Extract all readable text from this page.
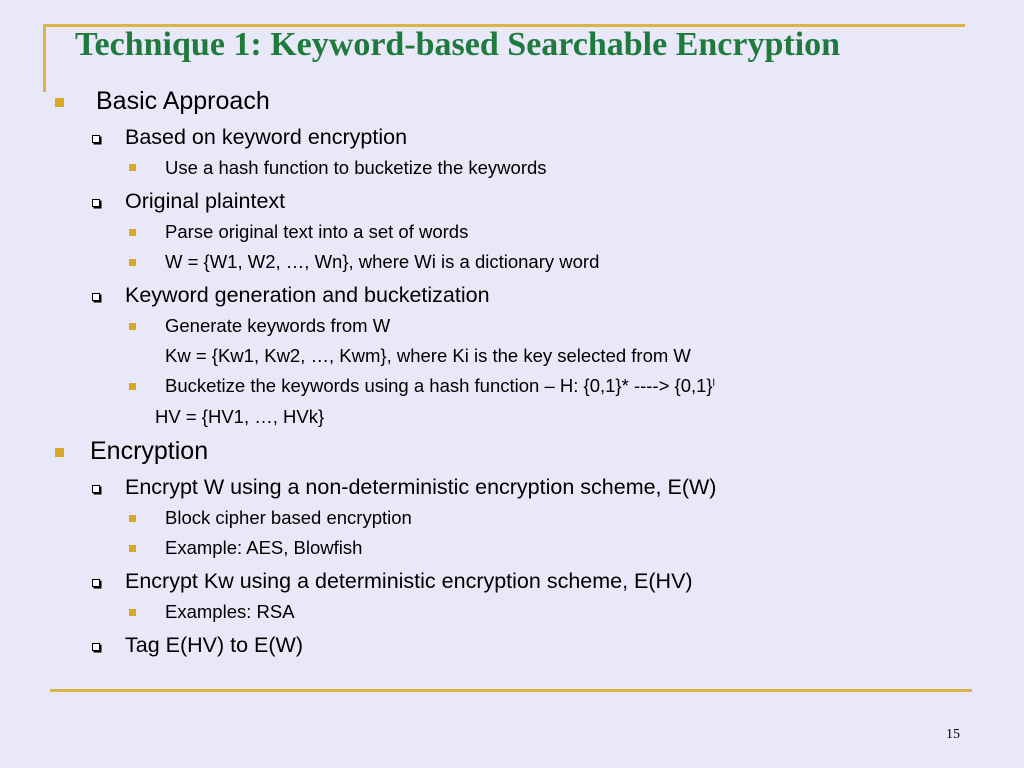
Technique 1: Keyword-based Searchable Encryption
Basic Approach
Based on keyword encryption
Use a hash function to bucketize the keywords
Original plaintext
Parse original text into a set of words
W = {W1, W2, …, Wn}, where Wi is a dictionary word
Keyword generation and bucketization
Generate keywords from W
Kw = {Kw1, Kw2, …, Kwm}, where Ki is the key selected from W
Bucketize the keywords using a hash function – H: {0,1}* ----> $\{0,1\}^l$
HV = {HV1, …, HVk}
Encryption
Encrypt W using a non-deterministic encryption scheme, E(W)
Block cipher based encryption
Example: AES, Blowfish
Encrypt Kw using a deterministic encryption scheme, E(HV)
Examples: RSA
Tag E(HV) to E(W)
15
